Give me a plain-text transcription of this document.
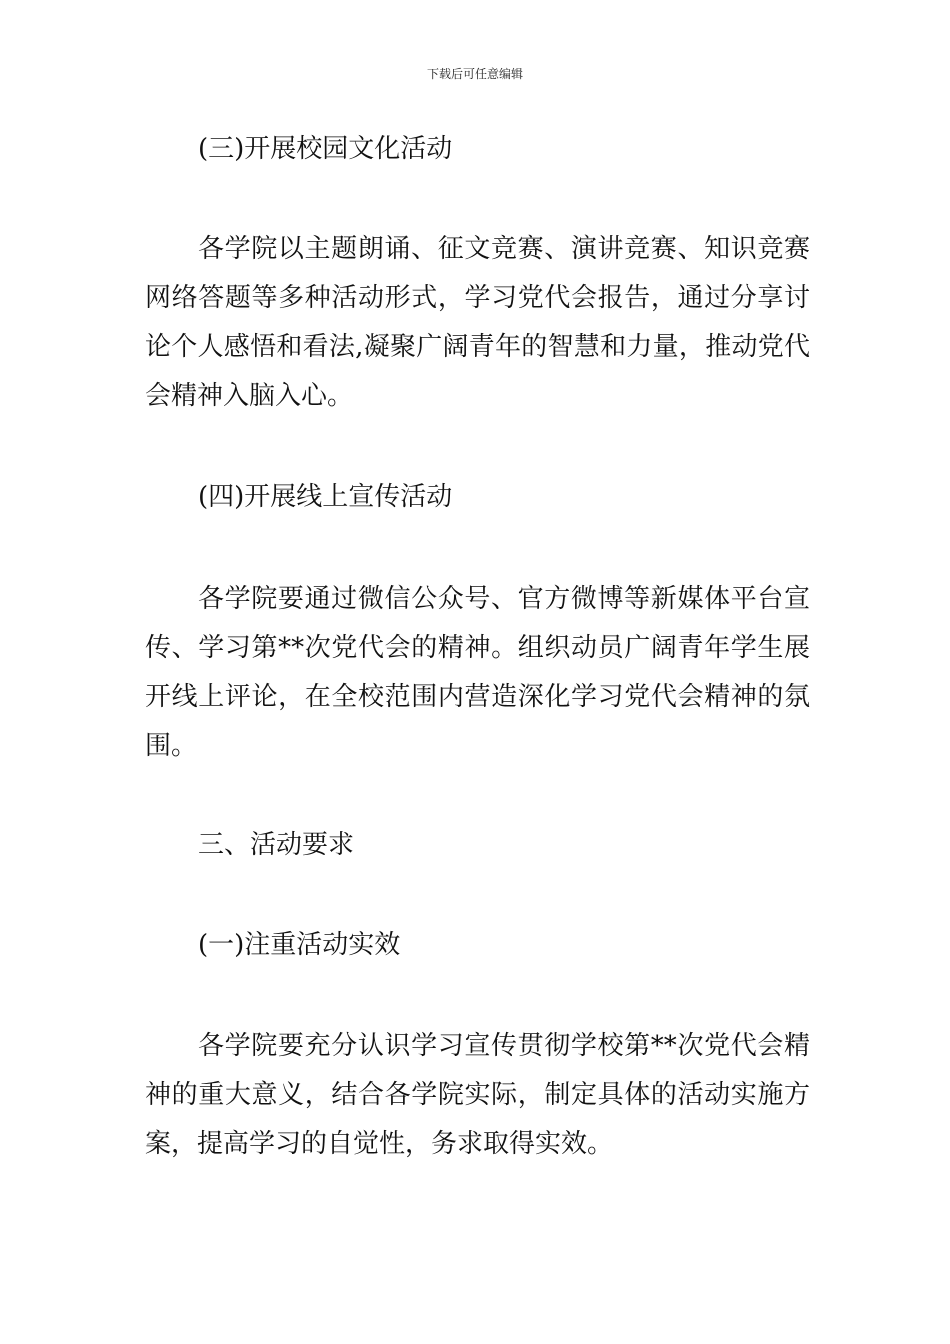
下载后可任意编辑
(三)开展校园文化活动

各学院以主题朗诵、征文竞赛、演讲竞赛、知识竞赛网络答题等多种活动形式，学习党代会报告，通过分享讨论个人感悟和看法,凝聚广阔青年的智慧和力量，推动党代会精神入脑入心。

(四)开展线上宣传活动

各学院要通过微信公众号、官方微博等新媒体平台宣传、学习第**次党代会的精神。组织动员广阔青年学生展开线上评论，在全校范围内营造深化学习党代会精神的氛围。

三、活动要求
(一)注重活动实效

各学院要充分认识学习宣传贯彻学校第**次党代会精神的重大意义，结合各学院实际，制定具体的活动实施方案，提高学习的自觉性，务求取得实效。
